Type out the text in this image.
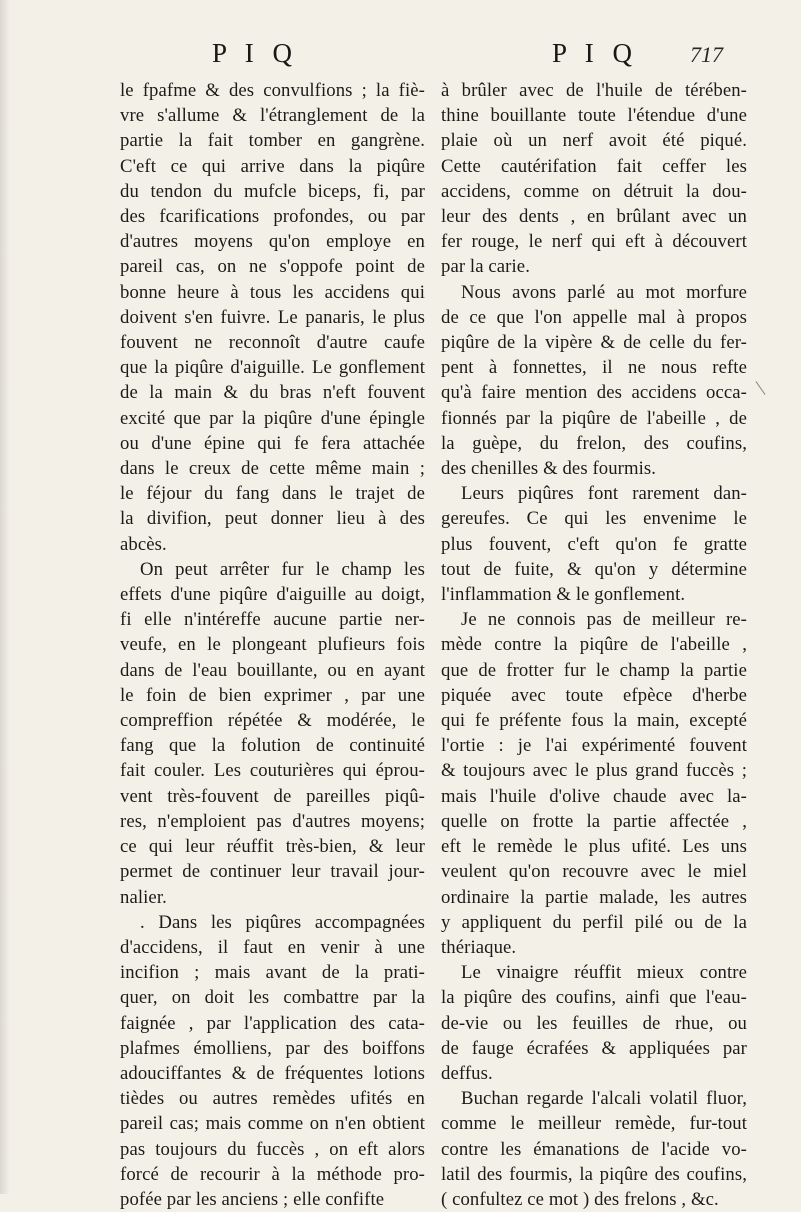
P I Q	P I Q 717
le fpafme & des convulfions ; la fiè-
vre s'allume & l'étranglement de la
partie la fait tomber en gangrène.
C'eft ce qui arrive dans la piqûre
du tendon du mufcle biceps, fi, par
des fcarifications profondes, ou par
d'autres moyens qu'on employe en
pareil cas, on ne s'oppofe point de
bonne heure à tous les accidens qui
doivent s'en fuivre. Le panaris, le plus
fouvent ne reconnoît d'autre caufe
que la piqûre d'aiguille. Le gonflement
de la main & du bras n'eft fouvent
excité que par la piqûre d'une épingle
ou d'une épine qui fe fera attachée
dans le creux de cette même main ;
le féjour du fang dans le trajet de
la divifion, peut donner lieu à des
abcès.
On peut arrêter fur le champ les
effets d'une piqûre d'aiguille au doigt,
fi elle n'intéreffe aucune partie ner-
veufe, en le plongeant plufieurs fois
dans de l'eau bouillante, ou en ayant
le foin de bien exprimer , par une
compreffion répétée & modérée, le
fang que la folution de continuité
fait couler. Les couturières qui éprou-
vent très-fouvent de pareilles piqû-
res, n'emploient pas d'autres moyens;
ce qui leur réuffit très-bien, & leur
permet de continuer leur travail jour-
nalier.
. Dans les piqûres accompagnées
d'accidens, il faut en venir à une
incifion ; mais avant de la prati-
quer, on doit les combattre par la
faignée , par l'application des cata-
plafmes émolliens, par des boiffons
adouciffantes & de fréquentes lotions
tièdes ou autres remèdes ufités en
pareil cas; mais comme on n'en obtient
pas toujours du fuccès , on eft alors
forcé de recourir à la méthode pro-
pofée par les anciens ; elle confifte
à brûler avec de l'huile de térében-
thine bouillante toute l'étendue d'une
plaie où un nerf avoit été piqué.
Cette cautérifation fait ceffer les
accidens, comme on détruit la dou-
leur des dents , en brûlant avec un
fer rouge, le nerf qui eft à découvert
par la carie.
Nous avons parlé au mot morfure
de ce que l'on appelle mal à propos
piqûre de la vipère & de celle du fer-
pent à fonnettes, il ne nous refte
qu'à faire mention des accidens occa-
fionnés par la piqûre de l'abeille , de
la guèpe, du frelon, des coufins,
des chenilles & des fourmis.
Leurs piqûres font rarement dan-
gereufes. Ce qui les envenime le
plus fouvent, c'eft qu'on fe gratte
tout de fuite, & qu'on y détermine
l'inflammation & le gonflement.
Je ne connois pas de meilleur re-
mède contre la piqûre de l'abeille ,
que de frotter fur le champ la partie
piquée avec toute efpèce d'herbe
qui fe préfente fous la main, excepté
l'ortie : je l'ai expérimenté fouvent
& toujours avec le plus grand fuccès ;
mais l'huile d'olive chaude avec la-
quelle on frotte la partie affectée ,
eft le remède le plus ufité. Les uns
veulent qu'on recouvre avec le miel
ordinaire la partie malade, les autres
y appliquent du perfil pilé ou de la
thériaque.
Le vinaigre réuffit mieux contre
la piqûre des coufins, ainfi que l'eau-
de-vie ou les feuilles de rhue, ou
de fauge écrafées & appliquées par
deffus.
Buchan regarde l'alcali volatil fluor,
comme le meilleur remède, fur-tout
contre les émanations de l'acide vo-
latil des fourmis, la piqûre des coufins,
( confultez ce mot ) des frelons , &c.
